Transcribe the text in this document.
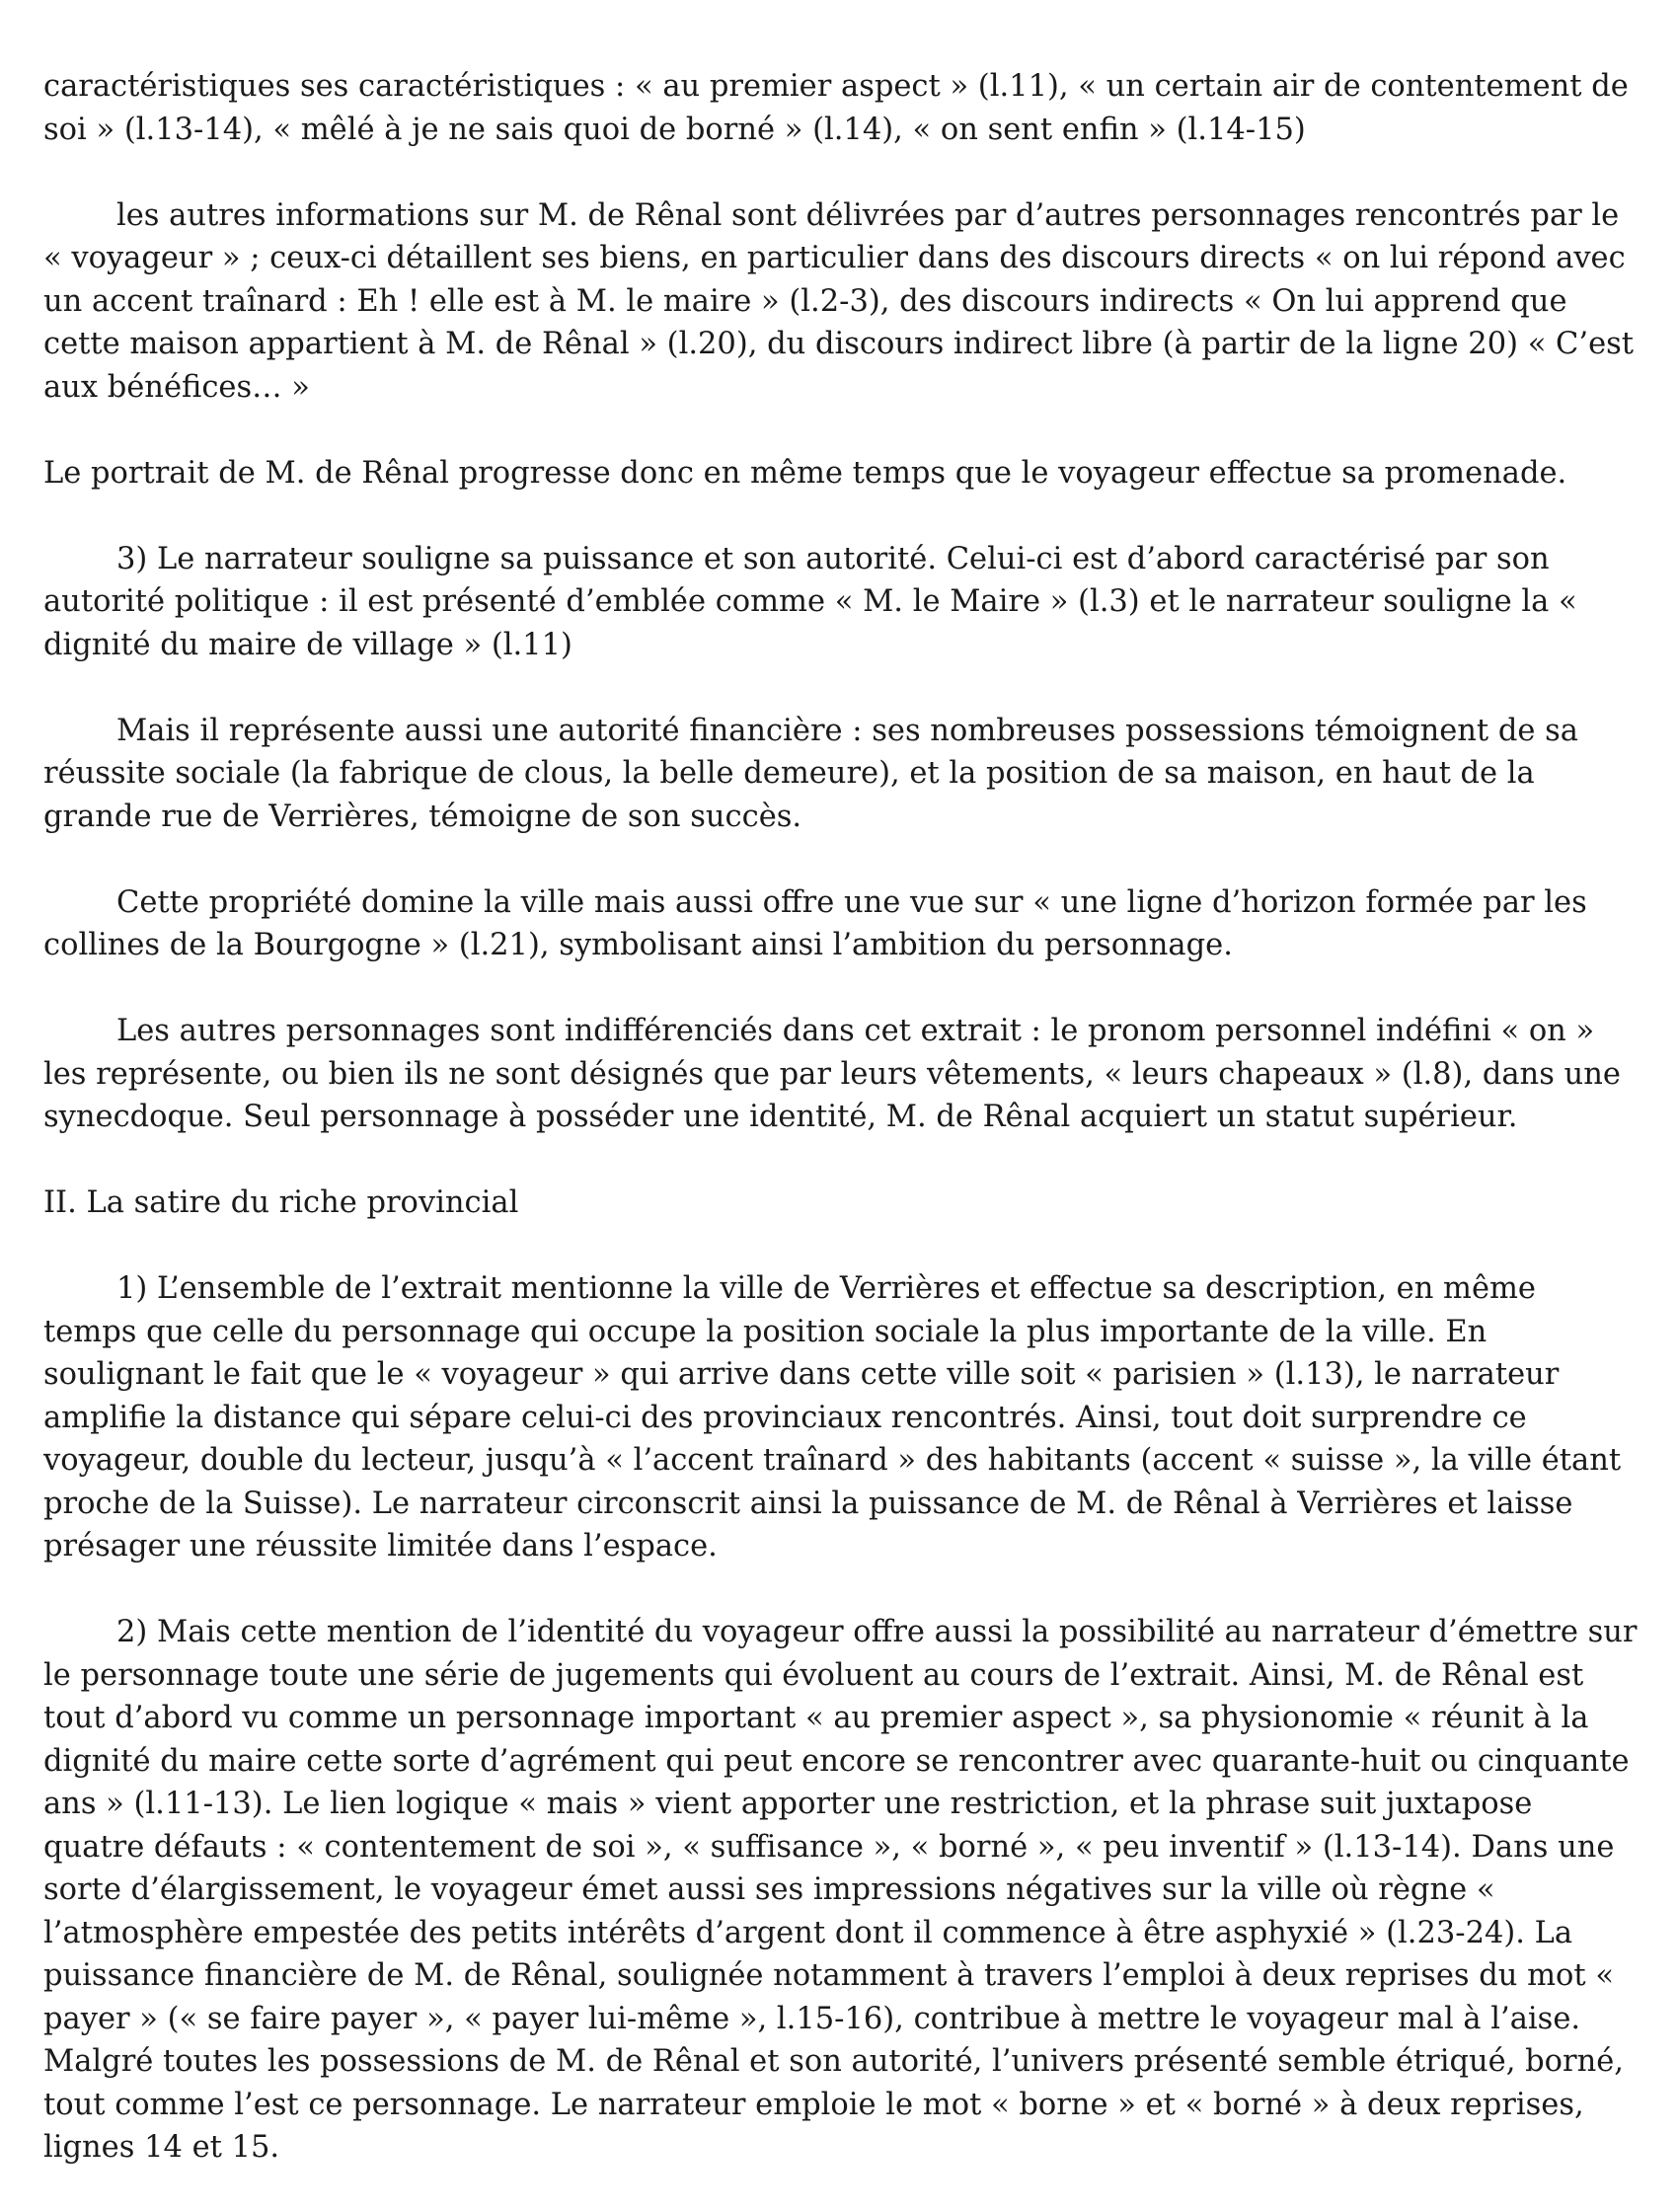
caractéristiques ses caractéristiques : « au premier aspect » (l.11), « un certain air de contentement de soi » (l.13-14), « mêlé à je ne sais quoi de borné » (l.14), « on sent enfin » (l.14-15)

les autres informations sur M. de Rênal sont délivrées par d’autres personnages rencontrés par le « voyageur » ; ceux-ci détaillent ses biens, en particulier dans des discours directs « on lui répond avec un accent traînard : Eh ! elle est à M. le maire » (l.2-3), des discours indirects « On lui apprend que cette maison appartient à M. de Rênal » (l.20), du discours indirect libre (à partir de la ligne 20) « C’est aux bénéfices… »

Le portrait de M. de Rênal progresse donc en même temps que le voyageur effectue sa promenade.

3) Le narrateur souligne sa puissance et son autorité. Celui-ci est d’abord caractérisé par son autorité politique : il est présenté d’emblée comme « M. le Maire » (l.3) et le narrateur souligne la « dignité du maire de village » (l.11)

Mais il représente aussi une autorité financière : ses nombreuses possessions témoignent de sa réussite sociale (la fabrique de clous, la belle demeure), et la position de sa maison, en haut de la grande rue de Verrières, témoigne de son succès.

Cette propriété domine la ville mais aussi offre une vue sur « une ligne d’horizon formée par les collines de la Bourgogne » (l.21), symbolisant ainsi l’ambition du personnage.

Les autres personnages sont indifférenciés dans cet extrait : le pronom personnel indéfini « on » les représente, ou bien ils ne sont désignés que par leurs vêtements, « leurs chapeaux » (l.8), dans une synecdoque. Seul personnage à posséder une identité, M. de Rênal acquiert un statut supérieur.

II. La satire du riche provincial

1) L’ensemble de l’extrait mentionne la ville de Verrières et effectue sa description, en même temps que celle du personnage qui occupe la position sociale la plus importante de la ville. En soulignant le fait que le « voyageur » qui arrive dans cette ville soit « parisien » (l.13), le narrateur amplifie la distance qui sépare celui-ci des provinciaux rencontrés. Ainsi, tout doit surprendre ce voyageur, double du lecteur, jusqu’à « l’accent traînard » des habitants (accent « suisse », la ville étant proche de la Suisse). Le narrateur circonscrit ainsi la puissance de M. de Rênal à Verrières et laisse présager une réussite limitée dans l’espace.

2) Mais cette mention de l’identité du voyageur offre aussi la possibilité au narrateur d’émettre sur le personnage toute une série de jugements qui évoluent au cours de l’extrait. Ainsi, M. de Rênal est tout d’abord vu comme un personnage important « au premier aspect », sa physionomie « réunit à la dignité du maire cette sorte d’agrément qui peut encore se rencontrer avec quarante-huit ou cinquante ans » (l.11-13). Le lien logique « mais » vient apporter une restriction, et la phrase suit juxtapose quatre défauts : « contentement de soi », « suffisance », « borné », « peu inventif » (l.13-14). Dans une sorte d’élargissement, le voyageur émet aussi ses impressions négatives sur la ville où règne « l’atmosphère empestée des petits intérêts d’argent dont il commence à être asphyxié » (l.23-24). La puissance financière de M. de Rênal, soulignée notamment à travers l’emploi à deux reprises du mot « payer » (« se faire payer », « payer lui-même », l.15-16), contribue à mettre le voyageur mal à l’aise. Malgré toutes les possessions de M. de Rênal et son autorité, l’univers présenté semble étriqué, borné, tout comme l’est ce personnage. Le narrateur emploie le mot « borne » et « borné » à deux reprises, lignes 14 et 15.
